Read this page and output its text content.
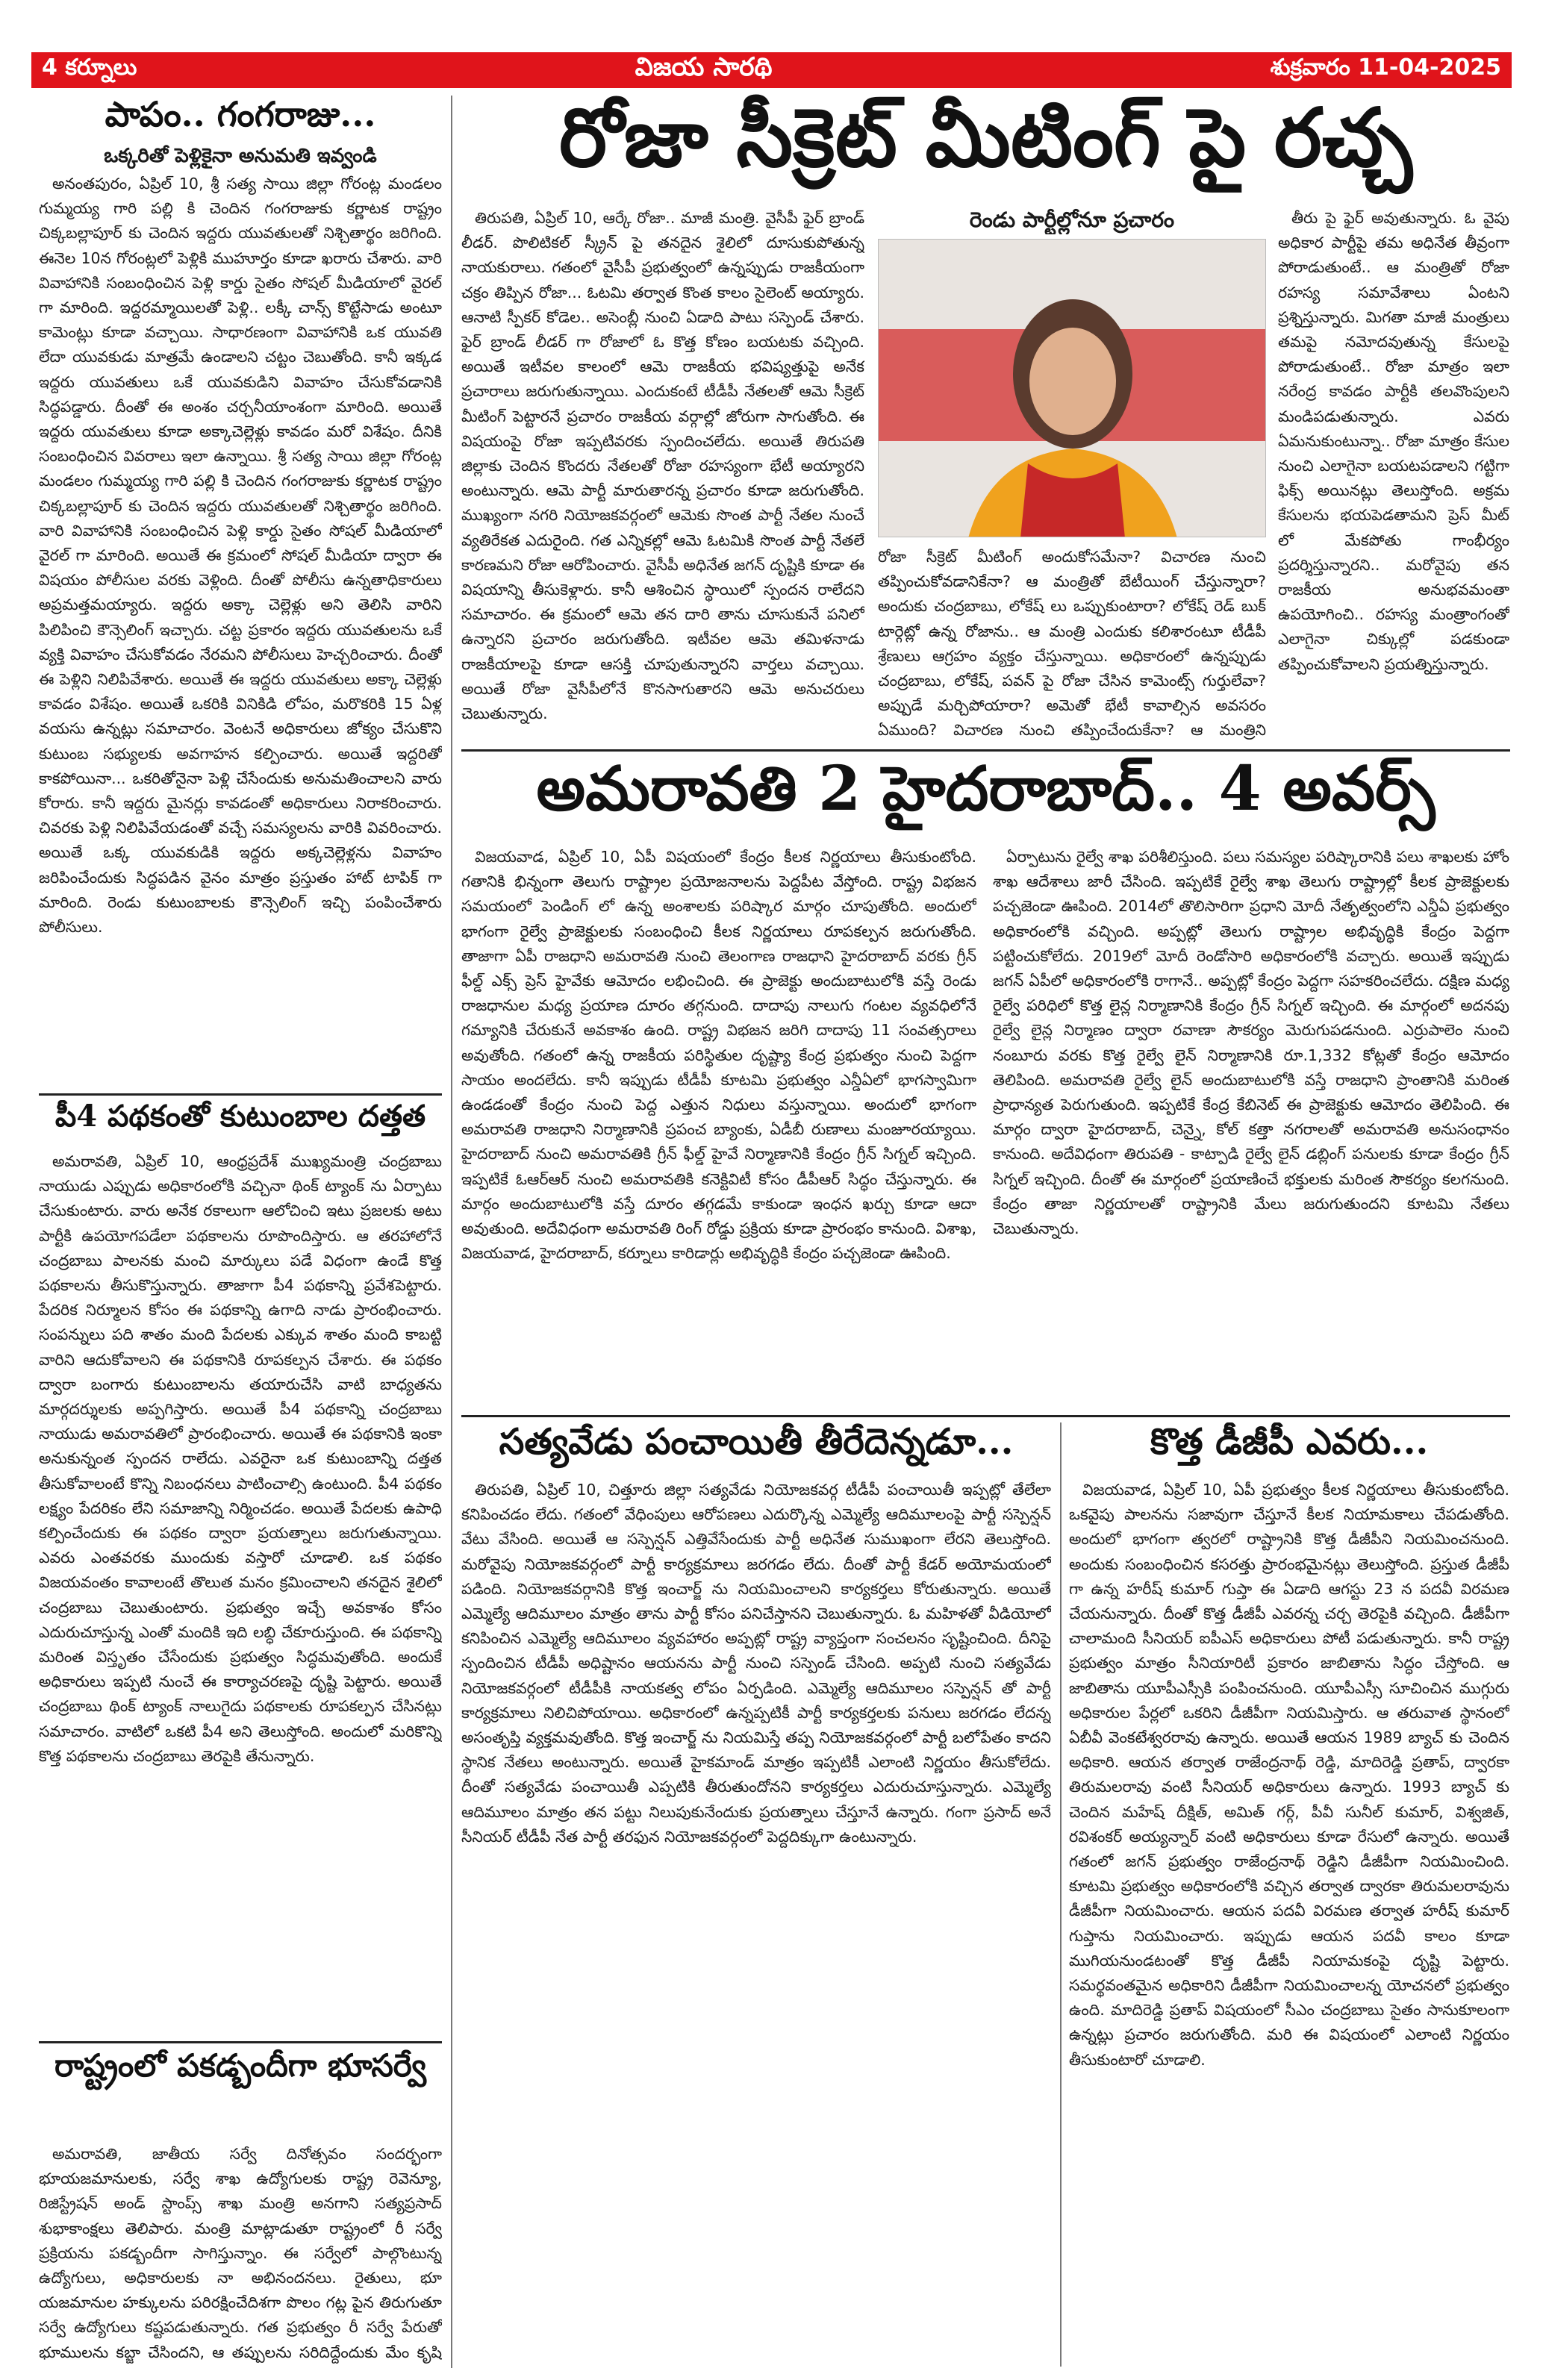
4 కర్నూలు	విజయ సారథి	శుక్రవారం 11-04-2025
పాపం.. గంగరాజు...
ఒక్కరితో పెళ్లికైనా అనుమతి ఇవ్వండి

అనంతపురం, ఏప్రిల్ 10, శ్రీ సత్య సాయి జిల్లా గోరంట్ల మండలం గుమ్మయ్య గారి పల్లి కి చెందిన గంగరాజుకు కర్ణాటక రాష్ట్రం చిక్కబల్లాపూర్ కు చెందిన ఇద్దరు యువతులతో నిశ్చితార్థం జరిగింది. ఈనెల 10న గోరంట్లలో పెళ్లికి ముహూర్తం కూడా ఖరారు చేశారు. వారి వివాహానికి సంబంధించిన పెళ్లి కార్డు సైతం సోషల్ మీడియాలో వైరల్ గా మారింది. ఇద్దరమ్మాయిలతో పెళ్లి.. లక్కీ చాన్స్ కొట్టేసాడు అంటూ కామెంట్లు కూడా వచ్చాయి. సాధారణంగా వివాహానికి ఒక యువతి లేదా యువకుడు మాత్రమే ఉండాలని చట్టం చెబుతోంది. కానీ ఇక్కడ ఇద్దరు యువతులు ఒకే యువకుడిని వివాహం చేసుకోవడానికి సిద్ధపడ్డారు. దీంతో ఈ అంశం చర్చనీయాంశంగా మారింది. అయితే ఇద్దరు యువతులు కూడా అక్కాచెల్లెళ్లు కావడం మరో విశేషం. దీనికి సంబంధించిన వివరాలు ఇలా ఉన్నాయి. శ్రీ సత్య సాయి జిల్లా గోరంట్ల మండలం గుమ్మయ్య గారి పల్లి కి చెందిన గంగరాజుకు కర్ణాటక రాష్ట్రం చిక్కబల్లాపూర్ కు చెందిన ఇద్దరు యువతులతో నిశ్చితార్థం జరిగింది. వారి వివాహానికి సంబంధించిన పెళ్లి కార్డు సైతం సోషల్ మీడియాలో వైరల్ గా మారింది. అయితే ఈ క్రమంలో సోషల్ మీడియా ద్వారా ఈ విషయం పోలీసుల వరకు వెళ్లింది. దీంతో పోలీసు ఉన్నతాధికారులు అప్రమత్తమయ్యారు. ఇద్దరు అక్కా చెల్లెళ్లు అని తెలిసి వారిని పిలిపించి కౌన్సెలింగ్ ఇచ్చారు. చట్ట ప్రకారం ఇద్దరు యువతులను ఒకే వ్యక్తి వివాహం చేసుకోవడం నేరమని పోలీసులు హెచ్చరించారు. దీంతో ఈ పెళ్లిని నిలిపివేశారు. అయితే ఈ ఇద్దరు యువతులు అక్కా చెల్లెళ్లు కావడం విశేషం. అయితే ఒకరికి వినికిడి లోపం, మరొకరికి 15 ఏళ్ల వయసు ఉన్నట్లు సమాచారం. వెంటనే అధికారులు జోక్యం చేసుకొని కుటుంబ సభ్యులకు అవగాహన కల్పించారు. అయితే ఇద్దరితో కాకపోయినా... ఒకరితోనైనా పెళ్లి చేసేందుకు అనుమతించాలని వారు కోరారు. కానీ ఇద్దరు మైనర్లు కావడంతో అధికారులు నిరాకరించారు. చివరకు పెళ్లి నిలిపివేయడంతో వచ్చే సమస్యలను వారికి వివరించారు. అయితే ఒక్క యువకుడికి ఇద్దరు అక్కచెల్లెళ్లను వివాహం జరిపించేందుకు సిద్ధపడిన వైనం మాత్రం ప్రస్తుతం హాట్ టాపిక్ గా మారింది. రెండు కుటుంబాలకు కౌన్సెలింగ్ ఇచ్చి పంపించేశారు పోలీసులు.

పీ4 పథకంతో కుటుంబాల దత్తత

అమరావతి, ఏప్రిల్ 10, ఆంధ్రప్రదేశ్ ముఖ్యమంత్రి చంద్రబాబు నాయుడు ఎప్పుడు అధికారంలోకి వచ్చినా థింక్ ట్యాంక్ ను ఏర్పాటు చేసుకుంటారు. వారు అనేక రకాలుగా ఆలోచించి ఇటు ప్రజలకు అటు పార్టీకి ఉపయోగపడేలా పథకాలను రూపొందిస్తారు. ఆ తరహాలోనే చంద్రబాబు పాలనకు మంచి మార్కులు పడే విధంగా ఉండే కొత్త పథకాలను తీసుకొస్తున్నారు. తాజాగా పీ4 పథకాన్ని ప్రవేశపెట్టారు. పేదరిక నిర్మూలన కోసం ఈ పథకాన్ని ఉగాది నాడు ప్రారంభించారు. సంపన్నులు పది శాతం మంది పేదలకు ఎక్కువ శాతం మంది కాబట్టి వారిని ఆదుకోవాలని ఈ పథకానికి రూపకల్పన చేశారు. ఈ పథకం ద్వారా బంగారు కుటుంబాలను తయారుచేసి వాటి బాధ్యతను మార్గదర్శులకు అప్పగిస్తారు. అయితే పీ4 పథకాన్ని చంద్రబాబు నాయుడు అమరావతిలో ప్రారంభించారు. అయితే ఈ పథకానికి ఇంకా అనుకున్నంత స్పందన రాలేదు. ఎవరైనా ఒక కుటుంబాన్ని దత్తత తీసుకోవాలంటే కొన్ని నిబంధనలు పాటించాల్సి ఉంటుంది. పీ4 పథకం లక్ష్యం పేదరికం లేని సమాజాన్ని నిర్మించడం. అయితే పేదలకు ఉపాధి కల్పించేందుకు ఈ పథకం ద్వారా ప్రయత్నాలు జరుగుతున్నాయి. ఎవరు ఎంతవరకు ముందుకు వస్తారో చూడాలి. ఒక పథకం విజయవంతం కావాలంటే తొలుత మనం క్రమించాలని తనదైన శైలిలో చంద్రబాబు చెబుతుంటారు. ప్రభుత్వం ఇచ్చే అవకాశం కోసం ఎదురుచూస్తున్న ఎంతో మందికి ఇది లబ్ధి చేకూరుస్తుంది. ఈ పథకాన్ని మరింత విస్తృతం చేసేందుకు ప్రభుత్వం సిద్ధమవుతోంది. అందుకే అధికారులు ఇప్పటి నుంచే ఈ కార్యాచరణపై దృష్టి పెట్టారు. అయితే చంద్రబాబు థింక్ ట్యాంక్ నాలుగైదు పథకాలకు రూపకల్పన చేసినట్లు సమాచారం. వాటిలో ఒకటి పీ4 అని తెలుస్తోంది. అందులో మరికొన్ని కొత్త పథకాలను చంద్రబాబు తెరపైకి తేనున్నారు.

రాష్ట్రంలో పకడ్బందీగా భూసర్వే

అమరావతి, జాతీయ సర్వే దినోత్సవం సందర్భంగా భూయజమానులకు, సర్వే శాఖ ఉద్యోగులకు రాష్ట్ర రెవెన్యూ, రిజిస్ట్రేషన్ అండ్ స్టాంప్స్ శాఖ మంత్రి అనగాని సత్యప్రసాద్ శుభాకాంక్షలు తెలిపారు. మంత్రి మాట్లాడుతూ రాష్ట్రంలో రీ సర్వే ప్రక్రియను పకడ్బందీగా సాగిస్తున్నాం. ఈ సర్వేలో పాల్గొంటున్న ఉద్యోగులు, అధికారులకు నా అభినందనలు. రైతులు, భూ యజమానుల హక్కులను పరిరక్షించేదిశగా పొలం గట్ల పైన తిరుగుతూ సర్వే ఉద్యోగులు కష్టపడుతున్నారు. గత ప్రభుత్వం రీ సర్వే పేరుతో భూములను కబ్జా చేసిందని, ఆ తప్పులను సరిదిద్దేందుకు మేం కృషి

రోజా సీక్రెట్ మీటింగ్ పై రచ్చ

తిరుపతి, ఏప్రిల్ 10, ఆర్కే రోజా.. మాజీ మంత్రి. వైసీపీ ఫైర్ బ్రాండ్ లీడర్. పొలిటికల్ స్క్రీన్ పై తనదైన శైలిలో దూసుకుపోతున్న నాయకురాలు. గతంలో వైసీపీ ప్రభుత్వంలో ఉన్నప్పుడు రాజకీయంగా చక్రం తిప్పిన రోజా... ఓటమి తర్వాత కొంత కాలం సైలెంట్ అయ్యారు. ఆనాటి స్పీకర్ కోడెల.. అసెంబ్లీ నుంచి ఏడాది పాటు సస్పెండ్ చేశారు. ఫైర్ బ్రాండ్ లీడర్ గా రోజాలో ఓ కొత్త కోణం బయటకు వచ్చింది. అయితే ఇటీవల కాలంలో ఆమె రాజకీయ భవిష్యత్తుపై అనేక ప్రచారాలు జరుగుతున్నాయి. ఎందుకంటే టీడీపీ నేతలతో ఆమె సీక్రెట్ మీటింగ్ పెట్టారనే ప్రచారం రాజకీయ వర్గాల్లో జోరుగా సాగుతోంది. ఈ విషయంపై రోజా ఇప్పటివరకు స్పందించలేదు. అయితే తిరుపతి జిల్లాకు చెందిన కొందరు నేతలతో రోజా రహస్యంగా భేటీ అయ్యారని అంటున్నారు. ఆమె పార్టీ మారుతారన్న ప్రచారం కూడా జరుగుతోంది. ముఖ్యంగా నగరి నియోజకవర్గంలో ఆమెకు సొంత పార్టీ నేతల నుంచే వ్యతిరేకత ఎదురైంది. గత ఎన్నికల్లో ఆమె ఓటమికి సొంత పార్టీ నేతలే కారణమని రోజా ఆరోపించారు. వైసీపీ అధినేత జగన్ దృష్టికి కూడా ఈ విషయాన్ని తీసుకెళ్లారు. కానీ ఆశించిన స్థాయిలో స్పందన రాలేదని సమాచారం. ఈ క్రమంలో ఆమె తన దారి తాను చూసుకునే పనిలో ఉన్నారని ప్రచారం జరుగుతోంది. ఇటీవల ఆమె తమిళనాడు రాజకీయాలపై కూడా ఆసక్తి చూపుతున్నారని వార్తలు వచ్చాయి. అయితే రోజా వైసీపీలోనే కొనసాగుతారని ఆమె అనుచరులు చెబుతున్నారు.

రెండు పార్టీల్లోనూ ప్రచారం
రోజా సీక్రెట్ మీటింగ్ అందుకోసమేనా? విచారణ నుంచి తప్పించుకోవడానికేనా? ఆ మంత్రితో బేటీయింగ్ చేస్తున్నారా? అందుకు చంద్రబాబు, లోకేష్ లు ఒప్పుకుంటారా? లోకేష్ రెడ్ బుక్ టార్గెట్లో ఉన్న రోజాను.. ఆ మంత్రి ఎందుకు కలిశారంటూ టీడీపీ శ్రేణులు ఆగ్రహం వ్యక్తం చేస్తున్నాయి. అధికారంలో ఉన్నప్పుడు చంద్రబాబు, లోకేష్, పవన్ పై రోజా చేసిన కామెంట్స్ గుర్తులేవా? అప్పుడే మర్చిపోయారా? అమెతో భేటీ కావాల్సిన అవసరం ఏముంది? విచారణ నుంచి తప్పించేందుకేనా? ఆ మంత్రిని

తీరు పై ఫైర్ అవుతున్నారు. ఓ వైపు అధికార పార్టీపై తమ అధినేత తీవ్రంగా పోరాడుతుంటే.. ఆ మంత్రితో రోజా రహస్య సమావేశాలు ఏంటని ప్రశ్నిస్తున్నారు. మిగతా మాజీ మంత్రులు తమపై నమోదవుతున్న కేసులపై పోరాడుతుంటే.. రోజా మాత్రం ఇలా నరేంద్ర కావడం పార్టీకి తలవొంపులని మండిపడుతున్నారు. ఎవరు ఏమనుకుంటున్నా.. రోజా మాత్రం కేసుల నుంచి ఎలాగైనా బయటపడాలని గట్టిగా ఫిక్స్ అయినట్లు తెలుస్తోంది. అక్రమ కేసులను భయపెడతామని ప్రెస్ మీట్ లో మేకపోతు గాంభీర్యం ప్రదర్శిస్తున్నారని.. మరోవైపు తన రాజకీయ అనుభవమంతా ఉపయోగించి.. రహస్య మంత్రాంగంతో ఎలాగైనా చిక్కుల్లో పడకుండా తప్పించుకోవాలని ప్రయత్నిస్తున్నారు.

అమరావతి 2 హైదరాబాద్.. 4 అవర్స్

విజయవాడ, ఏప్రిల్ 10, ఏపీ విషయంలో కేంద్రం కీలక నిర్ణయాలు తీసుకుంటోంది. గతానికి భిన్నంగా తెలుగు రాష్ట్రాల ప్రయోజనాలను పెద్దపీట వేస్తోంది. రాష్ట్ర విభజన సమయంలో పెండింగ్ లో ఉన్న అంశాలకు పరిష్కార మార్గం చూపుతోంది. అందులో భాగంగా రైల్వే ప్రాజెక్టులకు సంబంధించి కీలక నిర్ణయాలు రూపకల్పన జరుగుతోంది. తాజాగా ఏపీ రాజధాని అమరావతి నుంచి తెలంగాణ రాజధాని హైదరాబాద్ వరకు గ్రీన్ ఫీల్డ్ ఎక్స్ ప్రెస్ హైవేకు ఆమోదం లభించింది. ఈ ప్రాజెక్టు అందుబాటులోకి వస్తే రెండు రాజధానుల మధ్య ప్రయాణ దూరం తగ్గనుంది. దాదాపు నాలుగు గంటల వ్యవధిలోనే గమ్యానికి చేరుకునే అవకాశం ఉంది. రాష్ట్ర విభజన జరిగి దాదాపు 11 సంవత్సరాలు అవుతోంది. గతంలో ఉన్న రాజకీయ పరిస్థితుల దృష్ట్యా కేంద్ర ప్రభుత్వం నుంచి పెద్దగా సాయం అందలేదు. కానీ ఇప్పుడు టీడీపీ కూటమి ప్రభుత్వం ఎన్డీఏలో భాగస్వామిగా ఉండడంతో కేంద్రం నుంచి పెద్ద ఎత్తున నిధులు వస్తున్నాయి. అందులో భాగంగా అమరావతి రాజధాని నిర్మాణానికి ప్రపంచ బ్యాంకు, ఏడీబీ రుణాలు మంజూరయ్యాయి. హైదరాబాద్ నుంచి అమరావతికి గ్రీన్ ఫీల్డ్ హైవే నిర్మాణానికి కేంద్రం గ్రీన్ సిగ్నల్ ఇచ్చింది. ఇప్పటికే ఓఆర్ఆర్ నుంచి అమరావతికి కనెక్టివిటీ కోసం డీపీఆర్ సిద్ధం చేస్తున్నారు. ఈ మార్గం అందుబాటులోకి వస్తే దూరం తగ్గడమే కాకుండా ఇంధన ఖర్చు కూడా ఆదా అవుతుంది. అదేవిధంగా అమరావతి రింగ్ రోడ్డు ప్రక్రియ కూడా ప్రారంభం కానుంది. విశాఖ, విజయవాడ, హైదరాబాద్, కర్నూలు కారిడార్లు అభివృద్ధికి కేంద్రం పచ్చజెండా ఊపింది.

ఏర్పాటును రైల్వే శాఖ పరిశీలిస్తుంది. పలు సమస్యల పరిష్కారానికి పలు శాఖలకు హోం శాఖ ఆదేశాలు జారీ చేసింది. ఇప్పటికే రైల్వే శాఖ తెలుగు రాష్ట్రాల్లో కీలక ప్రాజెక్టులకు పచ్చజెండా ఊపింది. 2014లో తొలిసారిగా ప్రధాని మోదీ నేతృత్వంలోని ఎన్డీఏ ప్రభుత్వం అధికారంలోకి వచ్చింది. అప్పట్లో తెలుగు రాష్ట్రాల అభివృద్ధికి కేంద్రం పెద్దగా పట్టించుకోలేదు. 2019లో మోదీ రెండోసారి అధికారంలోకి వచ్చారు. అయితే ఇప్పుడు జగన్ ఏపీలో అధికారంలోకి రాగానే.. అప్పట్లో కేంద్రం పెద్దగా సహకరించలేదు. దక్షిణ మధ్య రైల్వే పరిధిలో కొత్త లైన్ల నిర్మాణానికి కేంద్రం గ్రీన్ సిగ్నల్ ఇచ్చింది. ఈ మార్గంలో అదనపు రైల్వే లైన్ల నిర్మాణం ద్వారా రవాణా సౌకర్యం మెరుగుపడనుంది. ఎర్రుపాలెం నుంచి నంబూరు వరకు కొత్త రైల్వే లైన్ నిర్మాణానికి రూ.1,332 కోట్లతో కేంద్రం ఆమోదం తెలిపింది. అమరావతి రైల్వే లైన్ అందుబాటులోకి వస్తే రాజధాని ప్రాంతానికి మరింత ప్రాధాన్యత పెరుగుతుంది. ఇప్పటికే కేంద్ర కేబినెట్ ఈ ప్రాజెక్టుకు ఆమోదం తెలిపింది. ఈ మార్గం ద్వారా హైదరాబాద్, చెన్నై, కోల్ కత్తా నగరాలతో అమరావతి అనుసంధానం కానుంది. అదేవిధంగా తిరుపతి - కాట్పాడి రైల్వే లైన్ డబ్లింగ్ పనులకు కూడా కేంద్రం గ్రీన్ సిగ్నల్ ఇచ్చింది. దీంతో ఈ మార్గంలో ప్రయాణించే భక్తులకు మరింత సౌకర్యం కలగనుంది. కేంద్రం తాజా నిర్ణయాలతో రాష్ట్రానికి మేలు జరుగుతుందని కూటమి నేతలు చెబుతున్నారు.

సత్యవేడు పంచాయితీ తీరేదెన్నడూ...

తిరుపతి, ఏప్రిల్ 10, చిత్తూరు జిల్లా సత్యవేడు నియోజకవర్గ టీడీపీ పంచాయితీ ఇప్పట్లో తేలేలా కనిపించడం లేదు. గతంలో వేధింపులు ఆరోపణలు ఎదుర్కొన్న ఎమ్మెల్యే ఆదిమూలంపై పార్టీ సస్పెన్షన్ వేటు వేసింది. అయితే ఆ సస్పెన్షన్ ఎత్తివేసేందుకు పార్టీ అధినేత సుముఖంగా లేరని తెలుస్తోంది. మరోవైపు నియోజకవర్గంలో పార్టీ కార్యక్రమాలు జరగడం లేదు. దీంతో పార్టీ కేడర్ అయోమయంలో పడింది. నియోజకవర్గానికి కొత్త ఇంచార్జ్ ను నియమించాలని కార్యకర్తలు కోరుతున్నారు. అయితే ఎమ్మెల్యే ఆదిమూలం మాత్రం తాను పార్టీ కోసం పనిచేస్తానని చెబుతున్నారు. ఓ మహిళతో వీడియోలో కనిపించిన ఎమ్మెల్యే ఆదిమూలం వ్యవహారం అప్పట్లో రాష్ట్ర వ్యాప్తంగా సంచలనం సృష్టించింది. దీనిపై స్పందించిన టీడీపీ అధిష్టానం ఆయనను పార్టీ నుంచి సస్పెండ్ చేసింది. అప్పటి నుంచి సత్యవేడు నియోజకవర్గంలో టీడీపీకి నాయకత్వ లోపం ఏర్పడింది. ఎమ్మెల్యే ఆదిమూలం సస్పెన్షన్ తో పార్టీ కార్యక్రమాలు నిలిచిపోయాయి. అధికారంలో ఉన్నప్పటికీ పార్టీ కార్యకర్తలకు పనులు జరగడం లేదన్న అసంతృప్తి వ్యక్తమవుతోంది. కొత్త ఇంచార్జ్ ను నియమిస్తే తప్ప నియోజకవర్గంలో పార్టీ బలోపేతం కాదని స్థానిక నేతలు అంటున్నారు. అయితే హైకమాండ్ మాత్రం ఇప్పటికీ ఎలాంటి నిర్ణయం తీసుకోలేదు. దీంతో సత్యవేడు పంచాయితీ ఎప్పటికి తీరుతుందోనని కార్యకర్తలు ఎదురుచూస్తున్నారు. ఎమ్మెల్యే ఆదిమూలం మాత్రం తన పట్టు నిలుపుకునేందుకు ప్రయత్నాలు చేస్తూనే ఉన్నారు. గంగా ప్రసాద్ అనే సీనియర్ టీడీపీ నేత పార్టీ తరఫున నియోజకవర్గంలో పెద్దదిక్కుగా ఉంటున్నారు.

కొత్త డీజీపీ ఎవరు...

విజయవాడ, ఏప్రిల్ 10, ఏపీ ప్రభుత్వం కీలక నిర్ణయాలు తీసుకుంటోంది. ఒకవైపు పాలనను సజావుగా చేస్తూనే కీలక నియామకాలు చేపడుతోంది. అందులో భాగంగా త్వరలో రాష్ట్రానికి కొత్త డీజీపీని నియమించనుంది. అందుకు సంబంధించిన కసరత్తు ప్రారంభమైనట్లు తెలుస్తోంది. ప్రస్తుత డీజీపీ గా ఉన్న హరీష్ కుమార్ గుప్తా ఈ ఏడాది ఆగస్టు 23 న పదవీ విరమణ చేయనున్నారు. దీంతో కొత్త డీజీపీ ఎవరన్న చర్చ తెరపైకి వచ్చింది. డీజీపీగా చాలామంది సీనియర్ ఐపీఎస్ అధికారులు పోటీ పడుతున్నారు. కానీ రాష్ట్ర ప్రభుత్వం మాత్రం సీనియారిటీ ప్రకారం జాబితాను సిద్ధం చేస్తోంది. ఆ జాబితాను యూపీఎస్సీకి పంపించనుంది. యూపీఎస్సీ సూచించిన ముగ్గురు అధికారుల పేర్లలో ఒకరిని డీజీపీగా నియమిస్తారు. ఆ తరువాత స్థానంలో ఏబీవీ వెంకటేశ్వరరావు ఉన్నారు. అయితే ఆయన 1989 బ్యాచ్ కు చెందిన అధికారి. ఆయన తర్వాత రాజేంద్రనాథ్ రెడ్డి, మాదిరెడ్డి ప్రతాప్, ద్వారకా తిరుమలరావు వంటి సీనియర్ అధికారులు ఉన్నారు. 1993 బ్యాచ్ కు చెందిన మహేష్ దీక్షిత్, అమిత్ గర్గ్, పీవీ సునీల్ కుమార్, విశ్వజిత్, రవిశంకర్ అయ్యన్నార్ వంటి అధికారులు కూడా రేసులో ఉన్నారు. అయితే గతంలో జగన్ ప్రభుత్వం రాజేంద్రనాథ్ రెడ్డిని డీజీపీగా నియమించింది. కూటమి ప్రభుత్వం అధికారంలోకి వచ్చిన తర్వాత ద్వారకా తిరుమలరావును డీజీపీగా నియమించారు. ఆయన పదవీ విరమణ తర్వాత హరీష్ కుమార్ గుప్తాను నియమించారు. ఇప్పుడు ఆయన పదవీ కాలం కూడా ముగియనుండటంతో కొత్త డీజీపీ నియామకంపై దృష్టి పెట్టారు. సమర్థవంతమైన అధికారిని డీజీపీగా నియమించాలన్న యోచనలో ప్రభుత్వం ఉంది. మాదిరెడ్డి ప్రతాప్ విషయంలో సీఎం చంద్రబాబు సైతం సానుకూలంగా ఉన్నట్లు ప్రచారం జరుగుతోంది. మరి ఈ విషయంలో ఎలాంటి నిర్ణయం తీసుకుంటారో చూడాలి.
